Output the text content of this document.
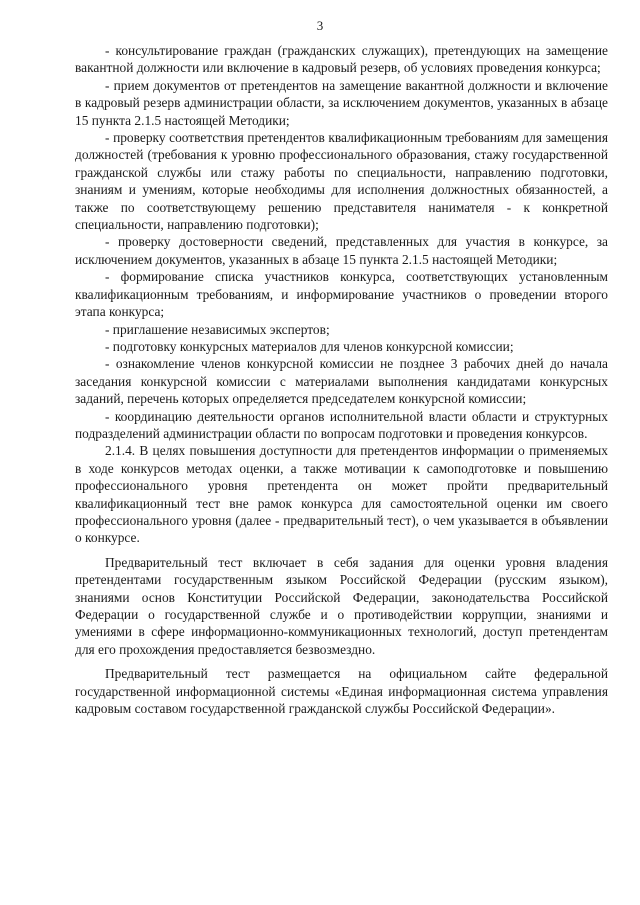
3

- консультирование граждан (гражданских служащих), претендующих на замещение вакантной должности или включение в кадровый резерв, об условиях проведения конкурса;

- прием документов от претендентов на замещение вакантной должности и включение в кадровый резерв администрации области, за исключением документов, указанных в абзаце 15 пункта 2.1.5 настоящей Методики;

- проверку соответствия претендентов квалификационным требованиям для замещения должностей (требования к уровню профессионального образования, стажу государственной гражданской службы или стажу работы по специальности, направлению подготовки, знаниям и умениям, которые необходимы для исполнения должностных обязанностей, а также по соответствующему решению представителя нанимателя - к конкретной специальности, направлению подготовки);

- проверку достоверности сведений, представленных для участия в конкурсе, за исключением документов, указанных в абзаце 15 пункта 2.1.5 настоящей Методики;

- формирование списка участников конкурса, соответствующих установленным квалификационным требованиям, и информирование участников о проведении второго этапа конкурса;

- приглашение независимых экспертов;

- подготовку конкурсных материалов для членов конкурсной комиссии;

- ознакомление членов конкурсной комиссии не позднее 3 рабочих дней до начала заседания конкурсной комиссии с материалами выполнения кандидатами конкурсных заданий, перечень которых определяется председателем конкурсной комиссии;

- координацию деятельности органов исполнительной власти области и структурных подразделений администрации области по вопросам подготовки и проведения конкурсов.

2.1.4. В целях повышения доступности для претендентов информации о применяемых в ходе конкурсов методах оценки, а также мотивации к самоподготовке и повышению профессионального уровня претендента он может пройти предварительный квалификационный тест вне рамок конкурса для самостоятельной оценки им своего профессионального уровня (далее - предварительный тест), о чем указывается в объявлении о конкурсе.

Предварительный тест включает в себя задания для оценки уровня владения претендентами государственным языком Российской Федерации (русским языком), знаниями основ Конституции Российской Федерации, законодательства Российской Федерации о государственной службе и о противодействии коррупции, знаниями и умениями в сфере информационно-коммуникационных технологий, доступ претендентам для его прохождения предоставляется безвозмездно.

Предварительный тест размещается на официальном сайте федеральной государственной информационной системы «Единая информационная система управления кадровым составом государственной гражданской службы Российской Федерации».
